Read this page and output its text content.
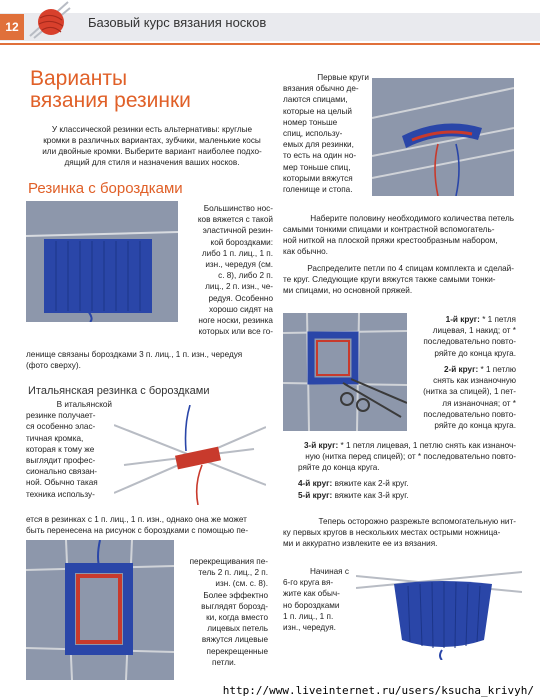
12	Базовый курс вязания носков
Варианты
вязания резинки
У классической резинки есть альтернативы: круглые
кромки в различных вариантах, зубчики, маленькие косы
или двойные кромки. Выберите вариант наиболее подхо-
дящий для стиля и назначения ваших носков.
Резинка с бороздками
Большинство нос-
ков вяжется с такой
эластичной резин-
кой бороздками:
либо 1 п. лиц., 1 п.
изн., чередуя (см.
с. 8), либо 2 п.
лиц., 2 п. изн., че-
редуя. Особенно
хорошо сидят на
ноге носки, резинка
которых или все го-
ленище связаны бороздками 3 п. лиц., 1 п. изн., чередуя
(фото сверху).
Итальянская резинка с бороздками
В итальянской
резинке получает-
ся особенно элас-
тичная кромка,
которая к тому же
выглядит профес-
сионально связан-
ной. Обычно такая
техника использу-
ется в резинках с 1 п. лиц., 1 п. изн., однако она же может
быть перенесена на рисунок с бороздками с помощью пе-
перекрещивания пе-
тель 2 п. лиц., 2 п.
изн. (см. с. 8).
Более эффектно
выглядят борозд-
ки, когда вместо
лицевых петель
вяжутся лицевые
перекрещенные
петли.
Первые круги
вязания обычно де-
лаются спицами,
которые на целый
номер тоньше
спиц, использу-
емых для резинки,
то есть на один но-
мер тоньше спиц,
которыми вяжутся
голенище и стопа.
Наберите половину необходимого количества петель
самыми тонкими спицами и контрастной вспомогатель-
ной ниткой на плоской пряжи крестообразным набором,
как обычно.
Распределите петли по 4 спицам комплекта и сделай-
те круг. Следующие круги вяжутся также самыми тонки-
ми спицами, но основной пряжей.
1-й круг: * 1 петля
лицевая, 1 накид; от *
последовательно повто-
ряйте до конца круга.
2-й круг: * 1 петлю
снять как изнаночную
(нитка за спицей), 1 пет-
ля изнаночная; от *
последовательно повто-
ряйте до конца круга.
3-й круг: * 1 петля лицевая, 1 петлю снять как изнаноч-
ную (нитка перед спицей); от * последовательно повто-
ряйте до конца круга.
4-й круг: вяжите как 2-й круг.
5-й круг: вяжите как 3-й круг.
Теперь осторожно разрежьте вспомогательную нит-
ку первых кругов в нескольких местах острыми ножница-
ми и аккуратно извлеките ее из вязания.
Начиная с
6-го круга вя-
жите как обыч-
но бороздками
1 п. лиц., 1 п.
изн., чередуя.
http://www.liveinternet.ru/users/ksucha_krivyh/
